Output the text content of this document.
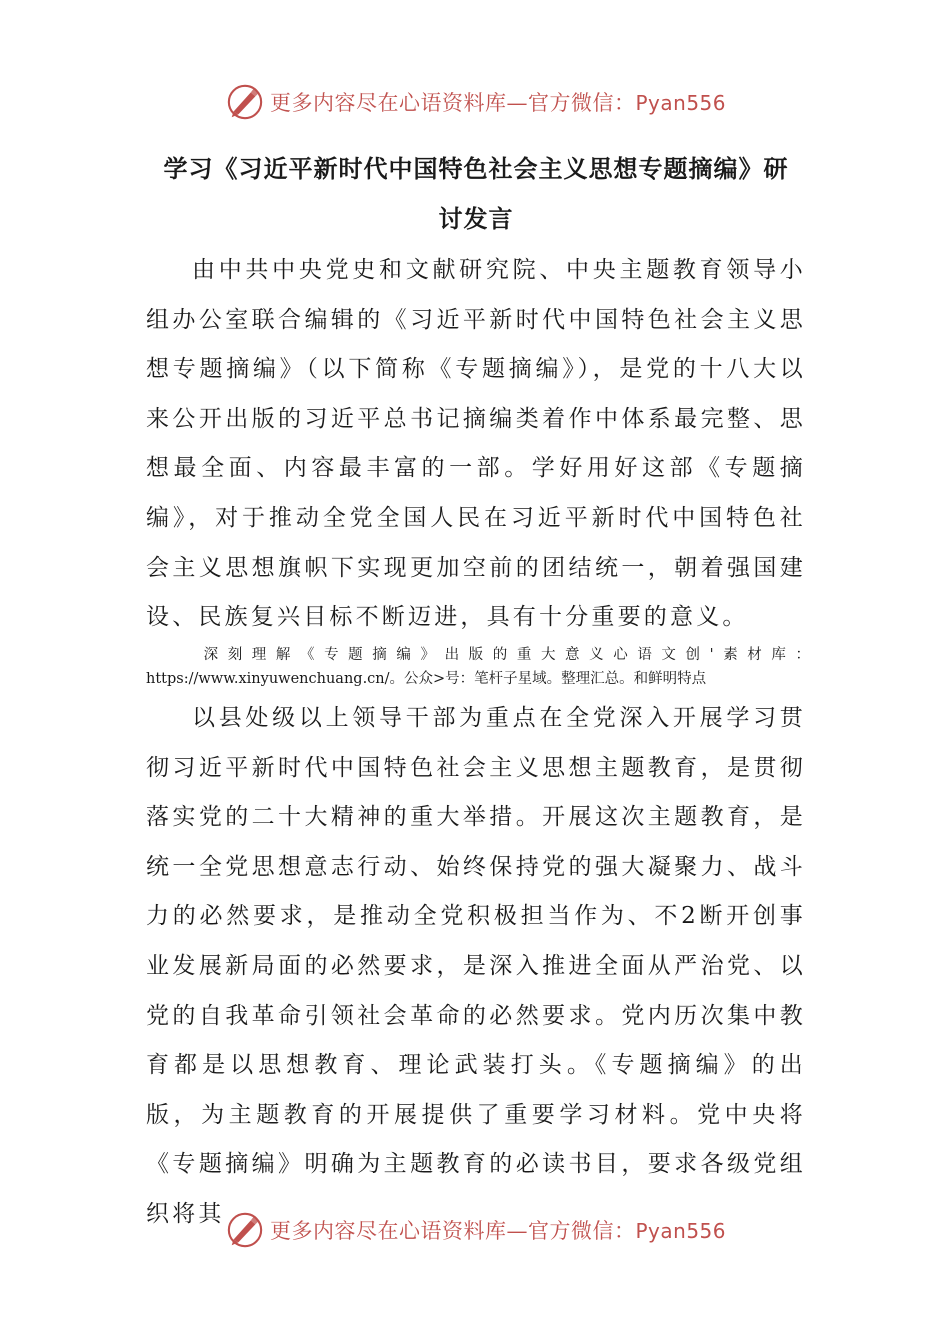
更多内容尽在心语资料库—官方微信：Pyan556
学习《习近平新时代中国特色社会主义思想专题摘编》研
讨发言

由中共中央党史和文献研究院、中央主题教育领导小组办公室联合编辑的《习近平新时代中国特色社会主义思想专题摘编》（以下简称《专题摘编》），是党的十八大以来公开出版的习近平总书记摘编类着作中体系最完整、思想最全面、内容最丰富的一部。学好用好这部《专题摘编》，对于推动全党全国人民在习近平新时代中国特色社会主义思想旗帜下实现更加空前的团结统一，朝着强国建设、民族复兴目标不断迈进，具有十分重要的意义。

深刻理解《专题摘编》出版的重大意义心语文创'素材库：https://www.xinyuwenchuang.cn/。公众>号：笔杆子星域。整理汇总。和鲜明特点

以县处级以上领导干部为重点在全党深入开展学习贯彻习近平新时代中国特色社会主义思想主题教育，是贯彻落实党的二十大精神的重大举措。开展这次主题教育，是统一全党思想意志行动、始终保持党的强大凝聚力、战斗力的必然要求，是推动全党积极担当作为、不2断开创事业发展新局面的必然要求，是深入推进全面从严治党、以党的自我革命引领社会革命的必然要求。党内历次集中教育都是以思想教育、理论武装打头。《专题摘编》的出版，为主题教育的开展提供了重要学习材料。党中央将《专题摘编》明确为主题教育的必读书目，要求各级党组织将其

更多内容尽在心语资料库—官方微信：Pyan556
